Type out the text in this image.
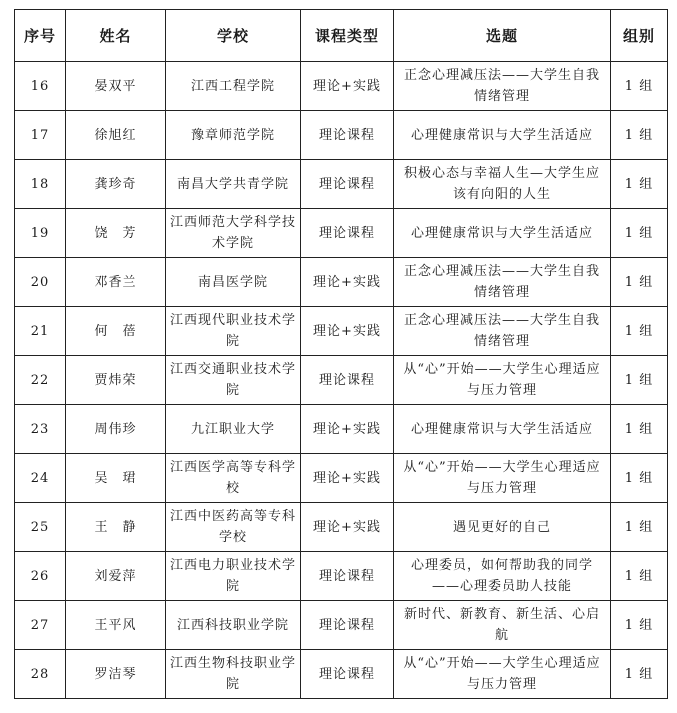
序号	姓名	学校	课程类型	选题	组别
16	晏双平	江西工程学院	理论+实践	正念心理减压法——大学生自我情绪管理	1 组
17	徐旭红	豫章师范学院	理论课程	心理健康常识与大学生活适应	1 组
18	龚珍奇	南昌大学共青学院	理论课程	积极心态与幸福人生—大学生应该有向阳的人生	1 组
19	饶　芳	江西师范大学科学技术学院	理论课程	心理健康常识与大学生活适应	1 组
20	邓香兰	南昌医学院	理论+实践	正念心理减压法——大学生自我情绪管理	1 组
21	何　蓓	江西现代职业技术学院	理论+实践	正念心理减压法——大学生自我情绪管理	1 组
22	贾炜荣	江西交通职业技术学院	理论课程	从“心”开始——大学生心理适应与压力管理	1 组
23	周伟珍	九江职业大学	理论+实践	心理健康常识与大学生活适应	1 组
24	吴　珺	江西医学高等专科学校	理论+实践	从“心”开始——大学生心理适应与压力管理	1 组
25	王　静	江西中医药高等专科学校	理论+实践	遇见更好的自己	1 组
26	刘爱萍	江西电力职业技术学院	理论课程	心理委员，如何帮助我的同学——心理委员助人技能	1 组
27	王平风	江西科技职业学院	理论课程	新时代、新教育、新生活、心启航	1 组
28	罗洁琴	江西生物科技职业学院	理论课程	从“心”开始——大学生心理适应与压力管理	1 组
